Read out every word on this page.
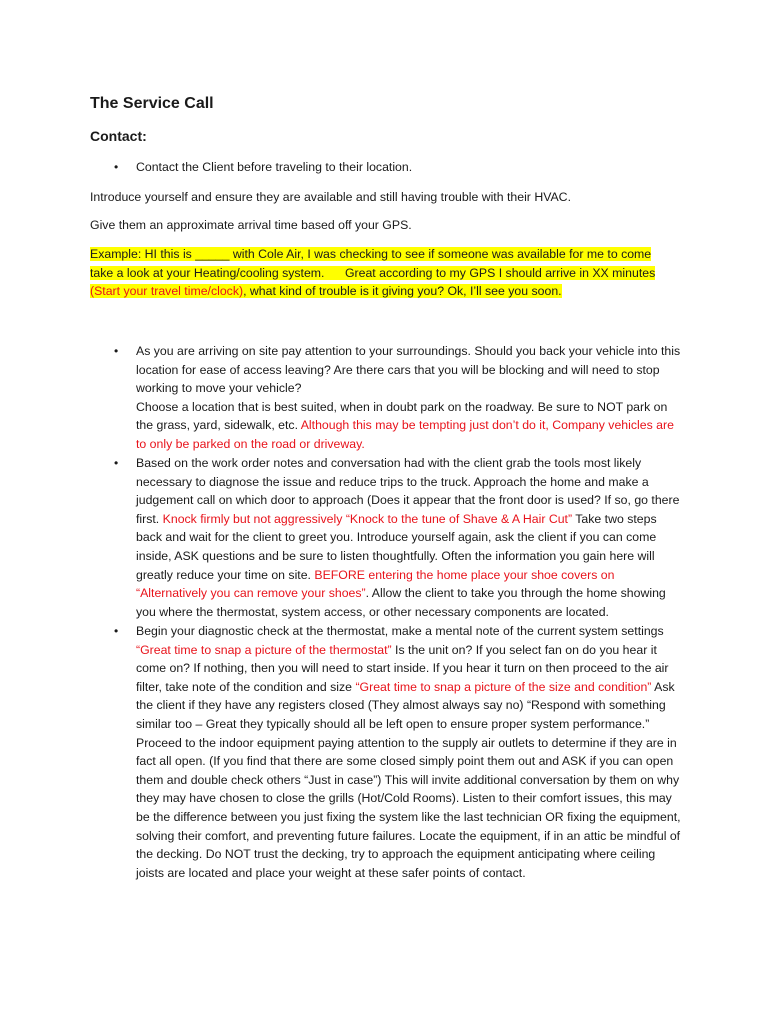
The Service Call
Contact:
• Contact the Client before traveling to their location.

Introduce yourself and ensure they are available and still having trouble with their HVAC.

Give them an approximate arrival time based off your GPS.

Example: HI this is _____ with Cole Air, I was checking to see if someone was available for me to come
take a look at your Heating/cooling system.      Great according to my GPS I should arrive in XX minutes
(Start your travel time/clock), what kind of trouble is it giving you? Ok, I’ll see you soon.
• As you are arriving on site pay attention to your surroundings. Should you back your vehicle into this location for ease of access leaving? Are there cars that you will be blocking and will need to stop working to move your vehicle?

Choose a location that is best suited, when in doubt park on the roadway. Be sure to NOT park on the grass, yard, sidewalk, etc. Although this may be tempting just don’t do it, Company vehicles are to only be parked on the road or driveway.

• Based on the work order notes and conversation had with the client grab the tools most likely necessary to diagnose the issue and reduce trips to the truck. Approach the home and make a judgement call on which door to approach (Does it appear that the front door is used? If so, go there first. Knock firmly but not aggressively “Knock to the tune of Shave & A Hair Cut” Take two steps back and wait for the client to greet you. Introduce yourself again, ask the client if you can come inside, ASK questions and be sure to listen thoughtfully. Often the information you gain here will greatly reduce your time on site. BEFORE entering the home place your shoe covers on “Alternatively you can remove your shoes”. Allow the client to take you through the home showing you where the thermostat, system access, or other necessary components are located.

• Begin your diagnostic check at the thermostat, make a mental note of the current system settings “Great time to snap a picture of the thermostat” Is the unit on? If you select fan on do you hear it come on? If nothing, then you will need to start inside. If you hear it turn on then proceed to the air filter, take note of the condition and size “Great time to snap a picture of the size and condition” Ask the client if they have any registers closed (They almost always say no) “Respond with something similar too – Great they typically should all be left open to ensure proper system performance.” Proceed to the indoor equipment paying attention to the supply air outlets to determine if they are in fact all open. (If you find that there are some closed simply point them out and ASK if you can open them and double check others “Just in case”) This will invite additional conversation by them on why they may have chosen to close the grills (Hot/Cold Rooms). Listen to their comfort issues, this may be the difference between you just fixing the system like the last technician OR fixing the equipment, solving their comfort, and preventing future failures. Locate the equipment, if in an attic be mindful of the decking. Do NOT trust the decking, try to approach the equipment anticipating where ceiling joists are located and place your weight at these safer points of contact.
